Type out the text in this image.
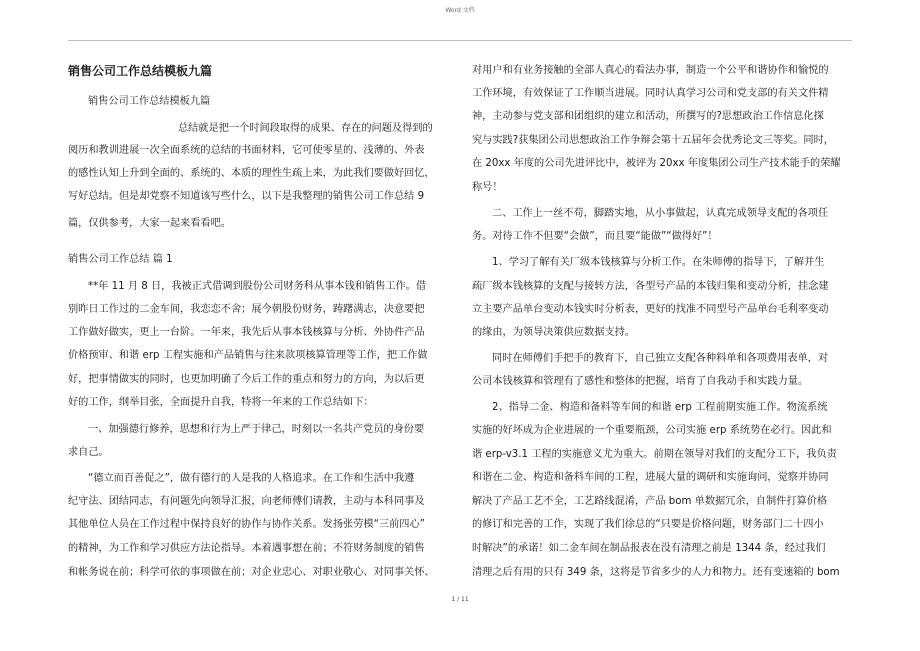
Word 文档
销售公司工作总结模板九篇
销售公司工作总结模板九篇
总结就是把一个时间段取得的成果、存在的问题及得到的
阅历和教训进展一次全面系统的总结的书面材料，它可使零星的、浅薄的、外表
的感性认知上升到全面的、系统的、本质的理性生疏上来，为此我们要做好回忆，
写好总结。但是却党察不知道该写些什么，以下是我整理的销售公司工作总结 9
篇，仅供参考，大家一起来看看吧。
销售公司工作总结 篇 1
**年 11 月 8 日，我被正式借调到股份公司财务科从事本钱和销售工作。借
别昨日工作过的二金车间，我恋恋不舍；展今朝股份财务，踌躇满志，决意要把
工作做好做实，更上一台阶。一年来，我先后从事本钱核算与分析、外协件产品
价格预审、和谐 erp 工程实施和产品销售与往来款项核算管理等工作，把工作做
好，把事情做实的同时，也更加明确了今后工作的重点和努力的方向，为以后更
好的工作，纲举目张，全面提升自我，特将一年来的工作总结如下：
一、加强德行修养，思想和行为上严于律己，时刻以一名共产党员的身份要
求自己。
“德立而百善促之”，做有德行的人是我的人格追求。在工作和生活中我遵
纪守法、团结同志，有问题先向领导汇报，向老师傅们请教，主动与本科同事及
其他单位人员在工作过程中保持良好的协作与协作关系。发扬张劳模“三前四心”
的精神，为工作和学习供应方法论指导。本着遇事想在前；不符财务制度的销售
和帐务说在前；科学可依的事项做在前；对企业忠心、对职业敬心、对同事关怀、
对用户和有业务接触的全部人真心的看法办事，制造一个公平和谐协作和愉悦的
工作环境，有效保证了工作顺当进展。同时认真学习公司和党支部的有关文件精
神，主动参与党支部和团组织的建立和活动，所撰写的?思想政治工作信息化探
究与实践?获集团公司思想政治工作争辩会第十五届年会优秀论文三等奖。同时，
在 20xx 年度的公司先进评比中，被评为 20xx 年度集团公司生产技术能手的荣耀
称号！
二、工作上一丝不苟，脚踏实地，从小事做起，认真完成领导支配的各项任
务。对待工作不但要“会做”，而且要“能做”“做得好”！
1、学习了解有关厂级本钱核算与分析工作。在朱师傅的指导下，了解并生
疏厂级本钱核算的支配与接转方法，各型号产品的本钱归集和变动分析，挂念建
立主要产品单台变动本钱实时分析表，更好的找准不同型号产品单台毛利率变动
的缘由，为领导决策供应数据支持。
同时在师傅们手把手的教育下，自己独立支配各种料单和各项费用表单，对
公司本钱核算和管理有了感性和整体的把握，培育了自我动手和实践力量。
2、指导二金、构造和备料等车间的和谐 erp 工程前期实施工作。物流系统
实施的好坏成为企业进展的一个重要瓶颈，公司实施 erp 系统势在必行。因此和
谐 erp-v3.1 工程的实施意义尤为重大。前期在领导对我们的支配分工下，我负责
和谐在二金、构造和备料车间的工程，进展大量的调研和实施询问，觉察并协同
解决了产品工艺不全，工艺路线混淆，产品 bom 单数据冗余，自制件打算价格
的修订和完善的工作，实现了我们徐总的“只要是价格问题，财务部门二十四小
时解决”的承诺！如二金车间在制品报表在没有清理之前是 1344 条，经过我们
清理之后有用的只有 349 条，这将是节省多少的人力和物力。还有变速箱的 bom
1 / 11
